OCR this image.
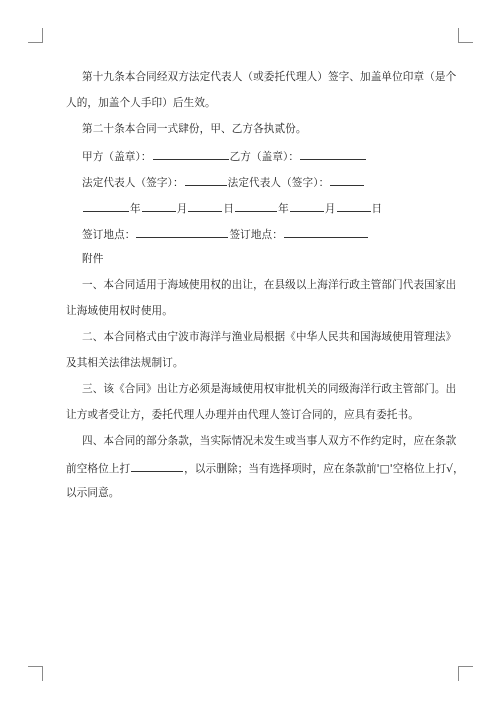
第十九条本合同经双方法定代表人（或委托代理人）签字、加盖单位印章（是个
人的，加盖个人手印）后生效。
第二十条本合同一式肆份，甲、乙方各执贰份。
甲方（盖章）：	乙方（盖章）：
法定代表人（签字）：	法定代表人（签字）：
年	月	日	年	月	日
签订地点：	签订地点：
附件
一、本合同适用于海域使用权的出让，在县级以上海洋行政主管部门代表国家出
让海域使用权时使用。
二、本合同格式由宁波市海洋与渔业局根据《中华人民共和国海域使用管理法》
及其相关法律法规制订。
三、该《合同》出让方必须是海域使用权审批机关的同级海洋行政主管部门。出
让方或者受让方，委托代理人办理并由代理人签订合同的，应具有委托书。
四、本合同的部分条款，当实际情况未发生或当事人双方不作约定时，应在条款
前空格位上打	，以示删除；当有选择项时，应在条款前'□'空格位上打√，
以示同意。
